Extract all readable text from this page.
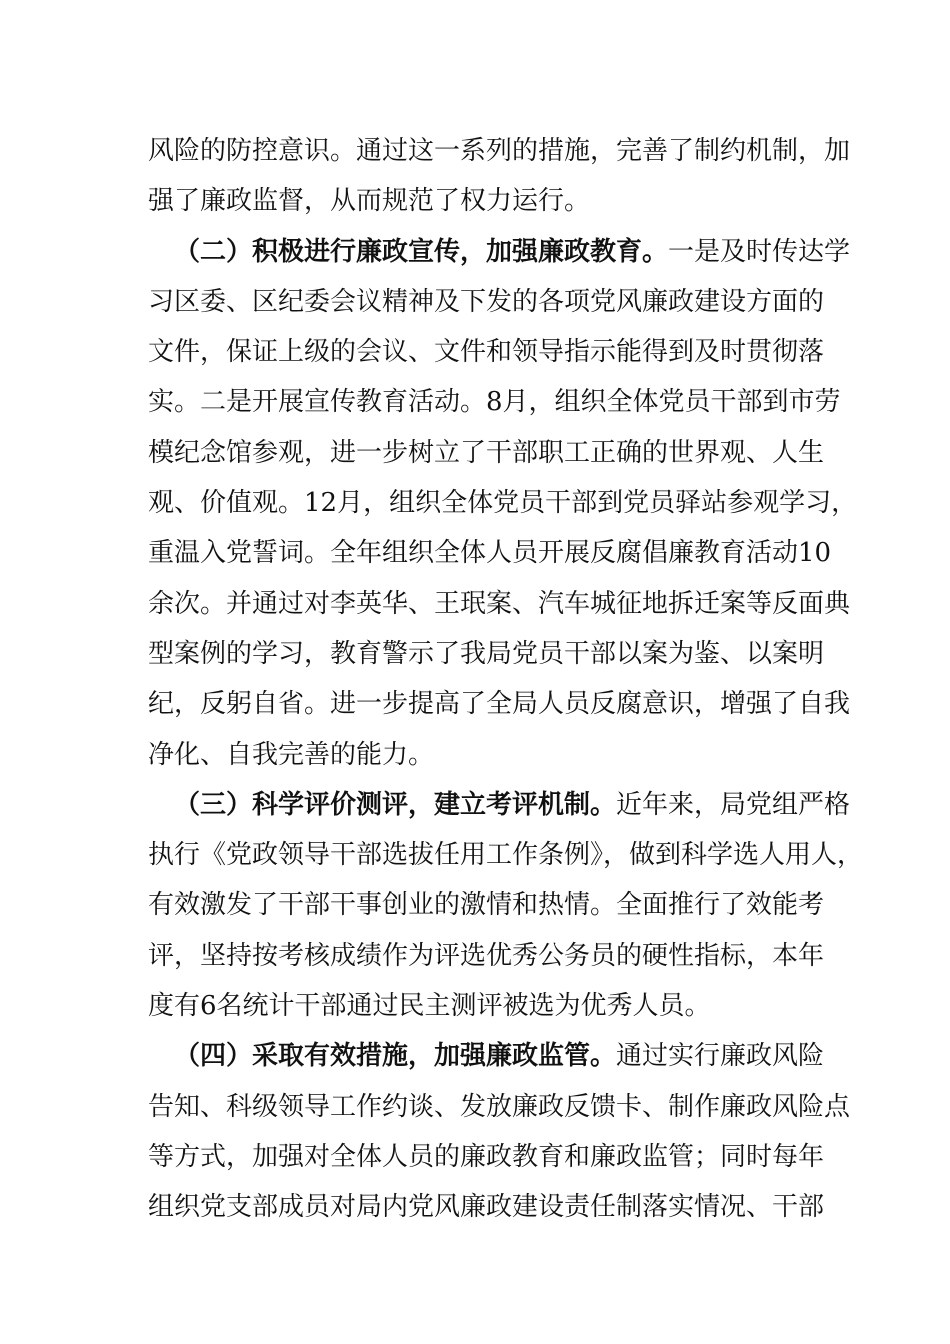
风险的防控意识。通过这一系列的措施，完善了制约机制，加
强了廉政监督，从而规范了权力运行。
（二）积极进行廉政宣传，加强廉政教育。一是及时传达学
习区委、区纪委会议精神及下发的各项党风廉政建设方面的
文件，保证上级的会议、文件和领导指示能得到及时贯彻落
实。二是开展宣传教育活动。8月，组织全体党员干部到市劳
模纪念馆参观，进一步树立了干部职工正确的世界观、人生
观、价值观。12月，组织全体党员干部到党员驿站参观学习，
重温入党誓词。全年组织全体人员开展反腐倡廉教育活动10
余次。并通过对李英华、王珉案、汽车城征地拆迁案等反面典
型案例的学习，教育警示了我局党员干部以案为鉴、以案明
纪，反躬自省。进一步提高了全局人员反腐意识，增强了自我
净化、自我完善的能力。
（三）科学评价测评，建立考评机制。近年来，局党组严格
执行《党政领导干部选拔任用工作条例》，做到科学选人用人，
有效激发了干部干事创业的激情和热情。全面推行了效能考
评，坚持按考核成绩作为评选优秀公务员的硬性指标，本年
度有6名统计干部通过民主测评被选为优秀人员。
（四）采取有效措施，加强廉政监管。通过实行廉政风险
告知、科级领导工作约谈、发放廉政反馈卡、制作廉政风险点
等方式，加强对全体人员的廉政教育和廉政监管；同时每年
组织党支部成员对局内党风廉政建设责任制落实情况、干部
